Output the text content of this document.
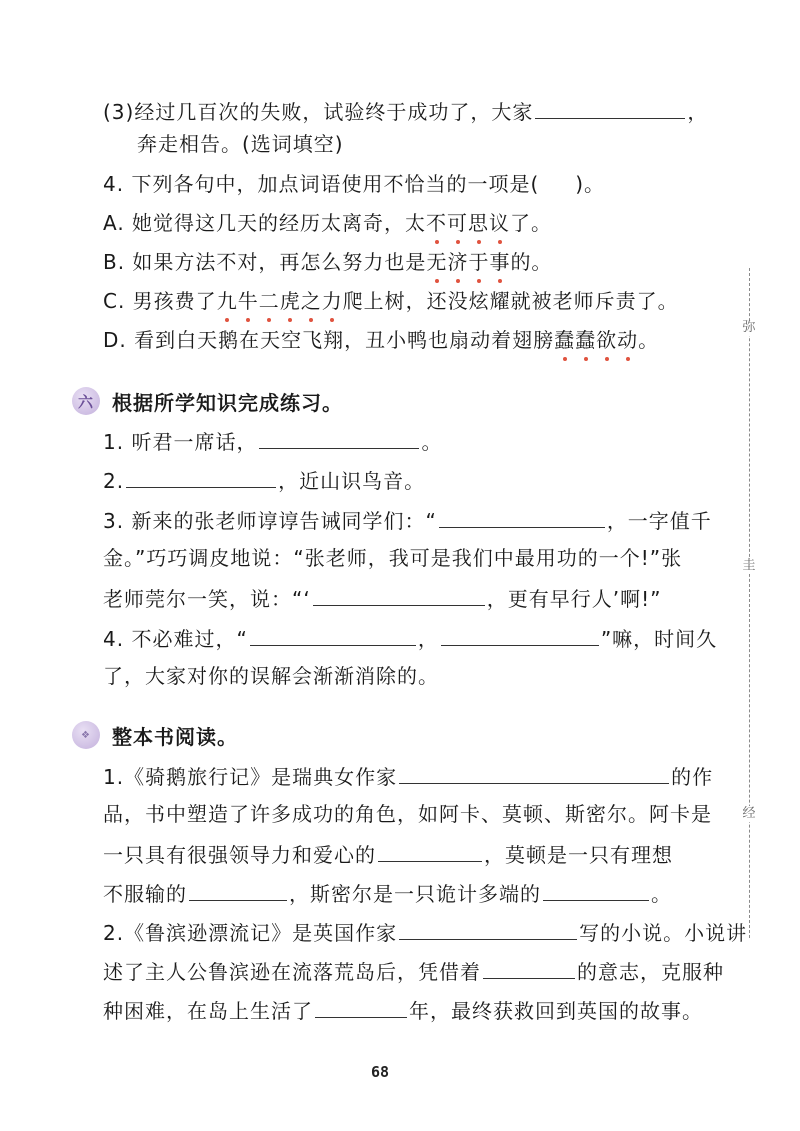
(3)经过几百次的失败，试验终于成功了，大家	，
奔走相告。(选词填空)
4. 下列各句中，加点词语使用不恰当的一项是( )。
A. 她觉得这几天的经历太离奇，太不可思议了。
B. 如果方法不对，再怎么努力也是无济于事的。
C. 男孩费了九牛二虎之力爬上树，还没炫耀就被老师斥责了。
D. 看到白天鹅在天空飞翔，丑小鸭也扇动着翅膀蠢蠢欲动。
六 根据所学知识完成练习。
1. 听君一席话，	。
2.	，近山识鸟音。
3. 新来的张老师谆谆告诫同学们：“	，一字值千
金。”巧巧调皮地说：“张老师，我可是我们中最用功的一个!”张
老师莞尔一笑，说：“‘	，更有早行人’啊!”
4. 不必难过，“	，	”嘛，时间久
了，大家对你的误解会渐渐消除的。
❖	整本书阅读。
1.《骑鹅旅行记》是瑞典女作家	的作
品，书中塑造了许多成功的角色，如阿卡、莫顿、斯密尔。阿卡是
一只具有很强领导力和爱心的	，莫顿是一只有理想
不服输的	，斯密尔是一只诡计多端的	。
2.《鲁滨逊漂流记》是英国作家	写的小说。小说讲
述了主人公鲁滨逊在流落荒岛后，凭借着	的意志，克服种
种困难，在岛上生活了	年，最终获救回到英国的故事。
弥
圭
经
68
